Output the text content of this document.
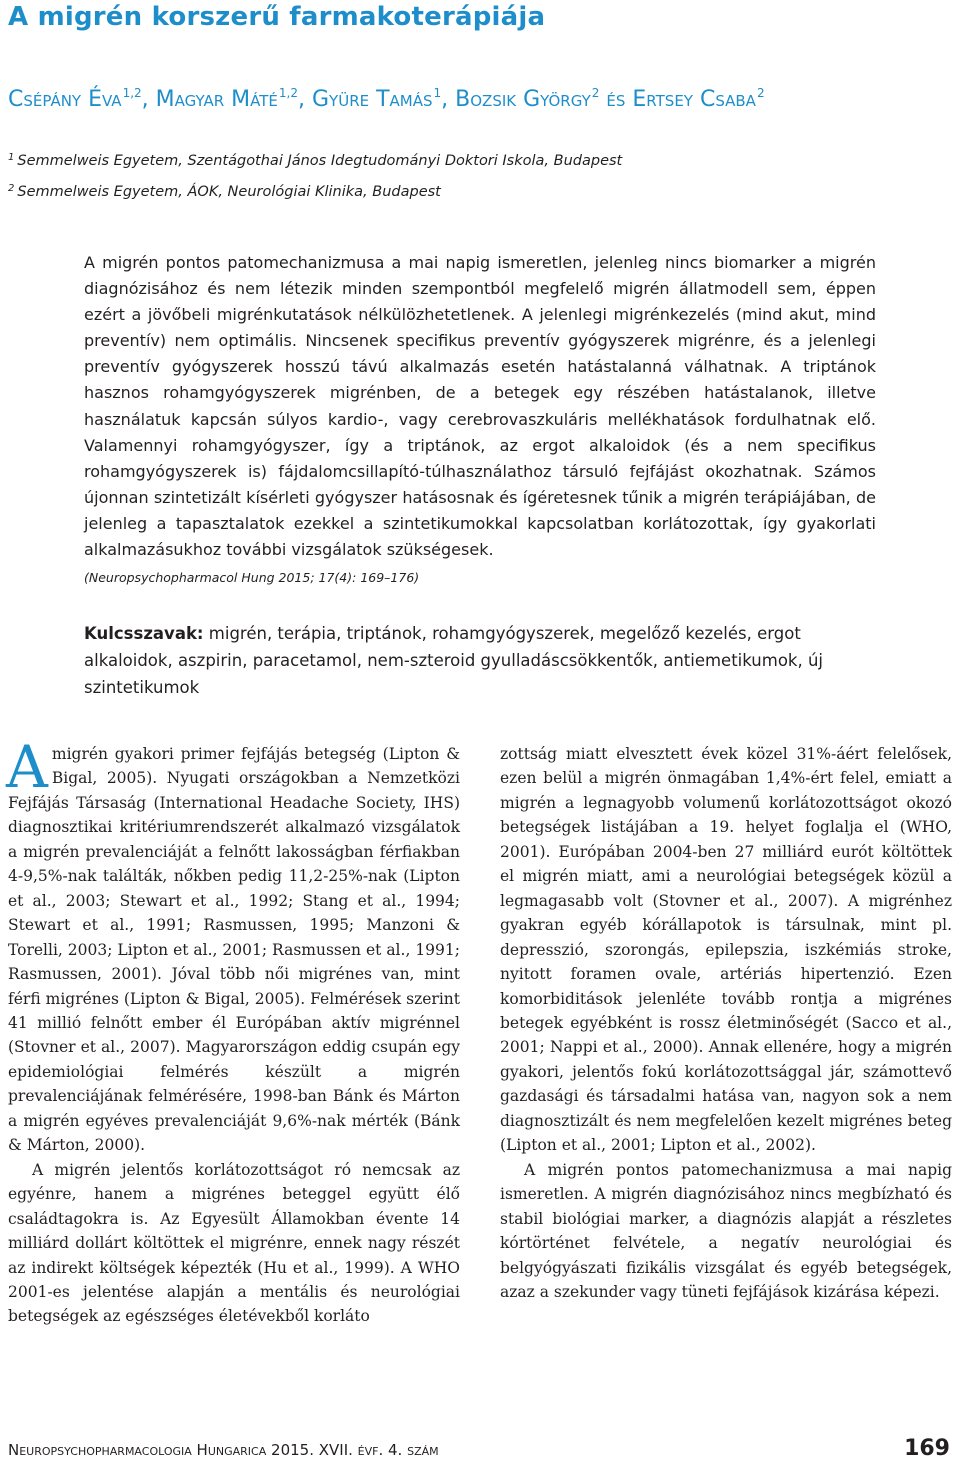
A migrén korszerű farmakoterápiája

Csépány Éva$^{1,2}$, Magyar Máté$^{1,2}$, Gyüre Tamás$^1$, Bozsik György$^2$ és Ertsey Csaba$^2$

$^1$ Semmelweis Egyetem, Szentágothai János Idegtudományi Doktori Iskola, Budapest
$^2$ Semmelweis Egyetem, ÁOK, Neurológiai Klinika, Budapest

A migrén pontos patomechanizmusa a mai napig ismeretlen, jelenleg nincs biomarker a migrén diagnózisához és nem létezik minden szempontból megfelelő migrén állatmodell sem, éppen ezért a jövőbeli migrénkutatások nélkülözhetetlenek. A jelenlegi migrénkezelés (mind akut, mind preventív) nem optimális. Nincsenek specifikus preventív gyógyszerek migrénre, és a jelenlegi preventív gyógyszerek hosszú távú alkalmazás esetén hatástalanná válhatnak. A triptánok hasznos rohamgyógyszerek migrénben, de a betegek egy részében hatástalanok, illetve használatuk kapcsán súlyos kardio-, vagy cerebrovaszkuláris mellékhatások fordulhatnak elő. Valamennyi rohamgyógyszer, így a triptánok, az ergot alkaloidok (és a nem specifikus rohamgyógyszerek is) fájdalomcsillapító-túlhasználathoz társuló fejfájást okozhatnak. Számos újonnan szintetizált kísérleti gyógyszer hatásosnak és ígéretesnek tűnik a migrén terápiájában, de jelenleg a tapasztalatok ezekkel a szintetikumokkal kapcsolatban korlátozottak, így gyakorlati alkalmazásukhoz további vizsgálatok szükségesek.

(Neuropsychopharmacol Hung 2015; 17(4): 169–176)

Kulcsszavak: migrén, terápia, triptánok, rohamgyógyszerek, megelőző kezelés, ergot alkaloidok, aszpirin, paracetamol, nem-szteroid gyulladáscsökkentők, antiemetikumok, új szintetikumok

Amigrén gyakori primer fejfájás betegség (Lipton & Bigal, 2005). Nyugati országokban a Nemzetközi Fejfájás Társaság (International Headache Society, IHS) diagnosztikai kritériumrendszerét alkalmazó vizsgálatok a migrén prevalenciáját a felnőtt lakosságban férfiakban 4-9,5%-nak találták, nőkben pedig 11,2-25%-nak (Lipton et al., 2003; Stewart et al., 1992; Stang et al., 1994; Stewart et al., 1991; Rasmussen, 1995; Manzoni & Torelli, 2003; Lipton et al., 2001; Rasmussen et al., 1991; Rasmussen, 2001). Jóval több női migrénes van, mint férfi migrénes (Lipton & Bigal, 2005). Felmérések szerint 41 millió felnőtt ember él Európában aktív migrénnel (Stovner et al., 2007). Magyarországon eddig csupán egy epidemiológiai felmérés készült a migrén prevalenciájának felmérésére, 1998-ban Bánk és Márton a migrén egyéves prevalenciáját 9,6%-nak mérték (Bánk & Márton, 2000).

A migrén jelentős korlátozottságot ró nemcsak az egyénre, hanem a migrénes beteggel együtt élő családtagokra is. Az Egyesült Államokban évente 14 milliárd dollárt költöttek el migrénre, ennek nagy részét az indirekt költségek képezték (Hu et al., 1999). A WHO 2001-es jelentése alapján a mentális és neurológiai betegségek az egészséges életévekből korláto

zottság miatt elvesztett évek közel 31%-áért felelősek, ezen belül a migrén önmagában 1,4%-ért felel, emiatt a migrén a legnagyobb volumenű korlátozottságot okozó betegségek listájában a 19. helyet foglalja el (WHO, 2001). Európában 2004-ben 27 milliárd eurót költöttek el migrén miatt, ami a neurológiai betegségek közül a legmagasabb volt (Stovner et al., 2007). A migrénhez gyakran egyéb kórállapotok is társulnak, mint pl. depresszió, szorongás, epilepszia, iszkémiás stroke, nyitott foramen ovale, artériás hipertenzió. Ezen komorbiditások jelenléte tovább rontja a migrénes betegek egyébként is rossz életminőségét (Sacco et al., 2001; Nappi et al., 2000). Annak ellenére, hogy a migrén gyakori, jelentős fokú korlátozottsággal jár, számottevő gazdasági és társadalmi hatása van, nagyon sok a nem diagnosztizált és nem megfelelően kezelt migrénes beteg (Lipton et al., 2001; Lipton et al., 2002).

A migrén pontos patomechanizmusa a mai napig ismeretlen. A migrén diagnózisához nincs megbízható és stabil biológiai marker, a diagnózis alapját a részletes kórtörténet felvétele, a negatív neurológiai és belgyógyászati fizikális vizsgálat és egyéb betegségek, azaz a szekunder vagy tüneti fejfájások kizárása képezi.

Neuropsychopharmacologia Hungarica 2015. XVII. évf. 4. szám	169
